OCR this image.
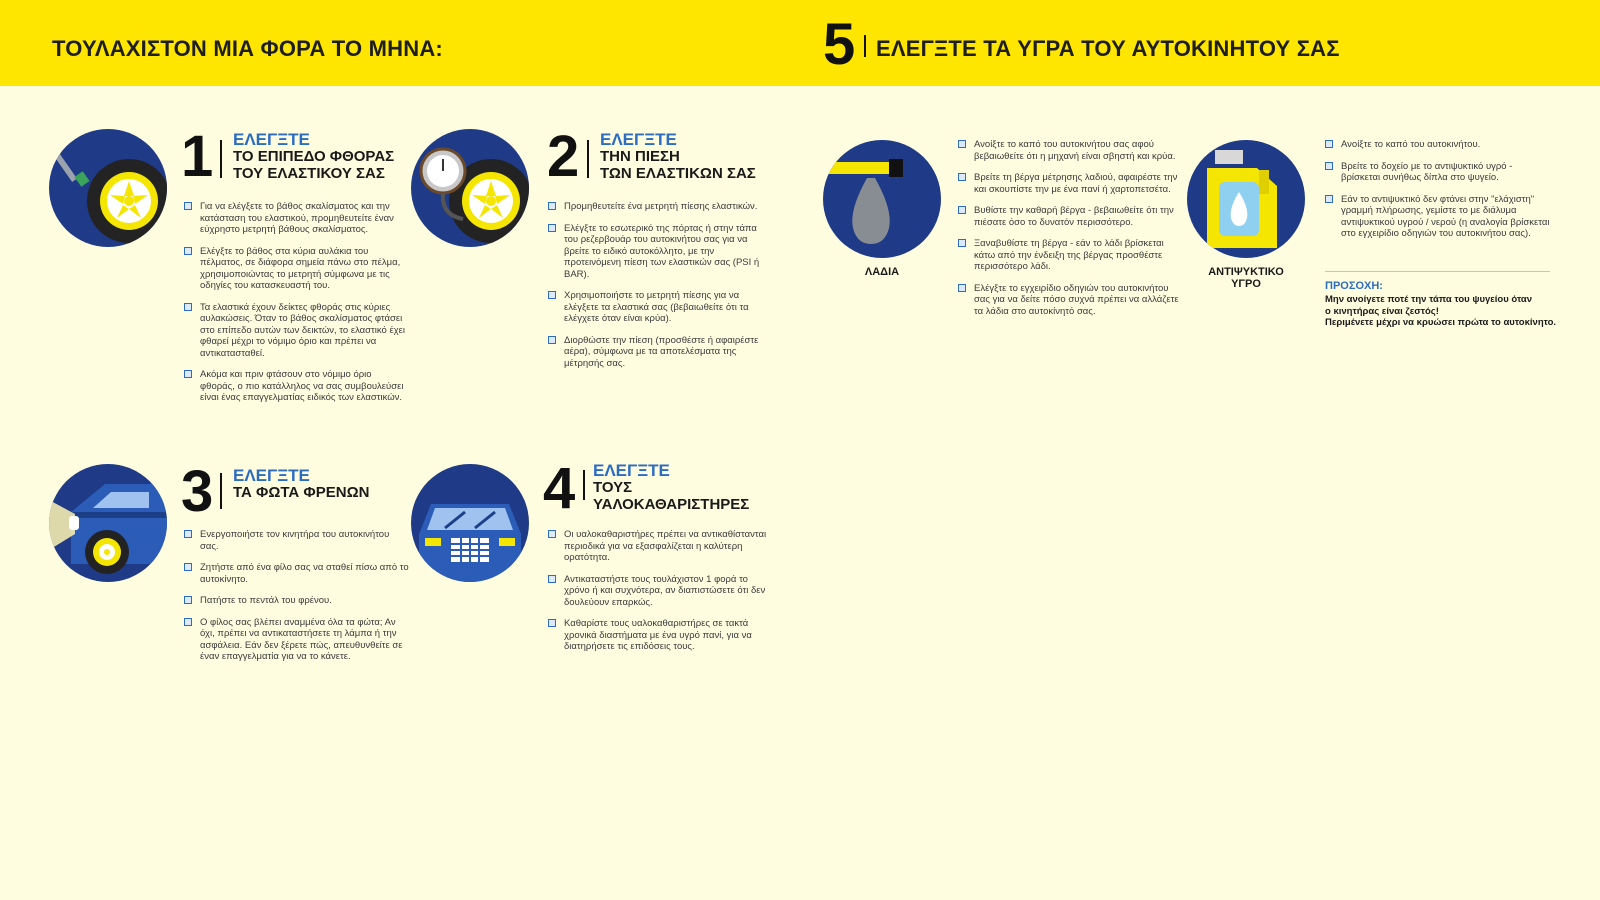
ΤΟΥΛΑΧΙΣΤΟΝ ΜΙΑ ΦΟΡΑ ΤΟ ΜΗΝΑ:	5 ΕΛΕΓΞΤΕ ΤΑ ΥΓΡΑ ΤΟΥ ΑΥΤΟΚΙΝΗΤΟΥ ΣΑΣ
1 ΕΛΕΓΞΤΕ
ΤΟ ΕΠΙΠΕΔΟ ΦΘΟΡΑΣ
ΤΟΥ ΕΛΑΣΤΙΚΟΥ ΣΑΣ
Για να ελέγξετε το βάθος σκαλίσματος και την κατάσταση του ελαστικού, προμηθευτείτε έναν εύχρηστο μετρητή βάθους σκαλίσματος.
Ελέγξτε το βάθος στα κύρια αυλάκια του πέλματος, σε διάφορα σημεία πάνω στο πέλμα, χρησιμοποιώντας το μετρητή σύμφωνα με τις οδηγίες του κατασκευαστή του.
Τα ελαστικά έχουν δείκτες φθοράς στις κύριες αυλακώσεις. Όταν το βάθος σκαλίσματος φτάσει στο επίπεδο αυτών των δεικτών, το ελαστικό έχει φθαρεί μέχρι το νόμιμο όριο και πρέπει να αντικατασταθεί.
Ακόμα και πριν φτάσουν στο νόμιμο όριο φθοράς, ο πιο κατάλληλος να σας συμβουλεύσει είναι ένας επαγγελματίας ειδικός των ελαστικών.
2 ΕΛΕΓΞΤΕ
ΤΗΝ ΠΙΕΣΗ
ΤΩΝ ΕΛΑΣΤΙΚΩΝ ΣΑΣ
Προμηθευτείτε ένα μετρητή πίεσης ελαστικών.
Ελέγξτε το εσωτερικό της πόρτας ή στην τάπα του ρεζερβουάρ του αυτοκινήτου σας για να βρείτε το ειδικό αυτοκόλλητο, με την προτεινόμενη πίεση των ελαστικών σας (PSI ή BAR).
Χρησιμοποιήστε το μετρητή πίεσης για να ελέγξετε τα ελαστικά σας (βεβαιωθείτε ότι τα ελέγχετε όταν είναι κρύα).
Διορθώστε την πίεση (προσθέστε ή αφαιρέστε αέρα), σύμφωνα με τα αποτελέσματα της μέτρησής σας.
3 ΕΛΕΓΞΤΕ
ΤΑ ΦΩΤΑ ΦΡΕΝΩΝ
Ενεργοποιήστε τον κινητήρα του αυτοκινήτου σας.
Ζητήστε από ένα φίλο σας να σταθεί πίσω από το αυτοκίνητο.
Πατήστε το πεντάλ του φρένου.
Ο φίλος σας βλέπει αναμμένα όλα τα φώτα; Αν όχι, πρέπει να αντικαταστήσετε τη λάμπα ή την ασφάλεια. Εάν δεν ξέρετε πώς, απευθυνθείτε σε έναν επαγγελματία για να το κάνετε.
4 ΕΛΕΓΞΤΕ
ΤΟΥΣ
ΥΑΛΟΚΑΘΑΡΙΣΤΗΡΕΣ
Οι υαλοκαθαριστήρες πρέπει να αντικαθίστανται περιοδικά για να εξασφαλίζεται η καλύτερη ορατότητα.
Αντικαταστήστε τους τουλάχιστον 1 φορά το χρόνο ή και συχνότερα, αν διαπιστώσετε ότι δεν δουλεύουν επαρκώς.
Καθαρίστε τους υαλοκαθαριστήρες σε τακτά χρονικά διαστήματα με ένα υγρό πανί, για να διατηρήσετε τις επιδόσεις τους.
ΛΑΔΙΑ
Ανοίξτε το καπό του αυτοκινήτου σας αφού βεβαιωθείτε ότι η μηχανή είναι σβηστή και κρύα.
Βρείτε τη βέργα μέτρησης λαδιού, αφαιρέστε την και σκουπίστε την με ένα πανί ή χαρτοπετσέτα.
Βυθίστε την καθαρή βέργα - βεβαιωθείτε ότι την πιέσατε όσο το δυνατόν περισσότερο.
Ξαναβυθίστε τη βέργα - εάν το λάδι βρίσκεται κάτω από την ένδειξη της βέργας προσθέστε περισσότερο λάδι.
Ελέγξτε το εγχειρίδιο οδηγιών του αυτοκινήτου σας για να δείτε πόσο συχνά πρέπει να αλλάζετε τα λάδια στο αυτοκίνητό σας.
ΑΝΤΙΨΥΚΤΙΚΟ
ΥΓΡΟ
Ανοίξτε το καπό του αυτοκινήτου.
Βρείτε το δοχείο με το αντιψυκτικό υγρό - βρίσκεται συνήθως δίπλα στο ψυγείο.
Εάν το αντιψυκτικό δεν φτάνει στην "ελάχιστη" γραμμή πλήρωσης, γεμίστε το με διάλυμα αντιψυκτικού υγρού / νερού (η αναλογία βρίσκεται στο εγχειρίδιο οδηγιών του αυτοκινήτου σας).
ΠΡΟΣΟΧΗ:
Μην ανοίγετε ποτέ την τάπα του ψυγείου όταν
ο κινητήρας είναι ζεστός!
Περιμένετε μέχρι να κρυώσει πρώτα το αυτοκίνητο.
